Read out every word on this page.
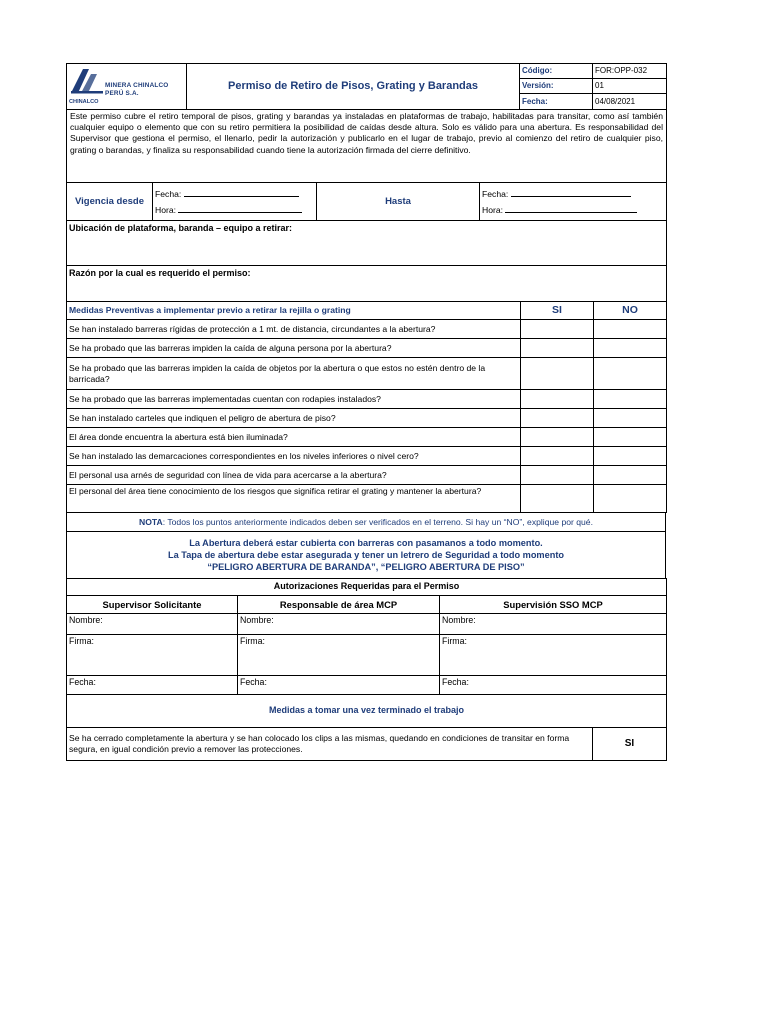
MINERA CHINALCO PERÚ S.A.
CHINALCO	Permiso de Retiro de Pisos, Grating y Barandas	Código:	FOR:OPP-032
		Versión:	01
		Fecha:	04/08/2021
Este permiso cubre el retiro temporal de pisos, grating y barandas ya instaladas en plataformas de trabajo, habilitadas para transitar, como así también cualquier equipo o elemento que con su retiro permitiera la posibilidad de caídas desde altura. Solo es válido para una abertura. Es responsabilidad del Supervisor que gestiona el permiso, el llenarlo, pedir la autorización y publicarlo en el lugar de trabajo, previo al comienzo del retiro de cualquier piso, grating o barandas, y finaliza su responsabilidad cuando tiene la autorización firmada del cierre definitivo.
Vigencia desde	
Fecha:
Hora:
	Hasta	
Fecha:
Hora:

Ubicación de plataforma, baranda – equipo a retirar:
Razón por la cual es requerido el permiso:
Medidas Preventivas a implementar previo a retirar la rejilla o grating	SI	NO
Se han instalado barreras rígidas de protección a 1 mt. de distancia, circundantes a la abertura?		
Se ha probado que las barreras impiden la caída de alguna persona por la abertura?		
Se ha probado que las barreras impiden la caída de objetos por la abertura o que estos no estén dentro de la barricada?		
Se ha probado que las barreras implementadas cuentan con rodapies instalados?		
Se han instalado carteles que indiquen el peligro de abertura de piso?		
El área donde encuentra la abertura está bien iluminada?		
Se han instalado las demarcaciones correspondientes en los niveles inferiores o nivel cero?		
El personal usa arnés de seguridad con línea de vida para acercarse a la abertura?		
El personal del área tiene conocimiento de los riesgos que significa retirar el grating y mantener la abertura?		
NOTA: Todos los puntos anteriormente indicados deben ser verificados en el terreno. Si hay un “NO”, explique por qué.

La Abertura deberá estar cubierta con barreras con pasamanos a todo momento.
La Tapa de abertura debe estar asegurada y tener un letrero de Seguridad a todo momento
“PELIGRO ABERTURA DE BARANDA”, “PELIGRO ABERTURA DE PISO”
Autorizaciones Requeridas para el Permiso		
Supervisor Solicitante	Responsable de área MCP	Supervisión SSO MCP
Nombre:	Nombre:	Nombre:
Firma:	Firma:	Firma:
Fecha:	Fecha:	Fecha:
Medidas a tomar una vez terminado el trabajo
Se ha cerrado completamente la abertura y se han colocado los clips a las mismas, quedando en condiciones de transitar en forma segura, en igual condición previo a remover las protecciones.	SI
